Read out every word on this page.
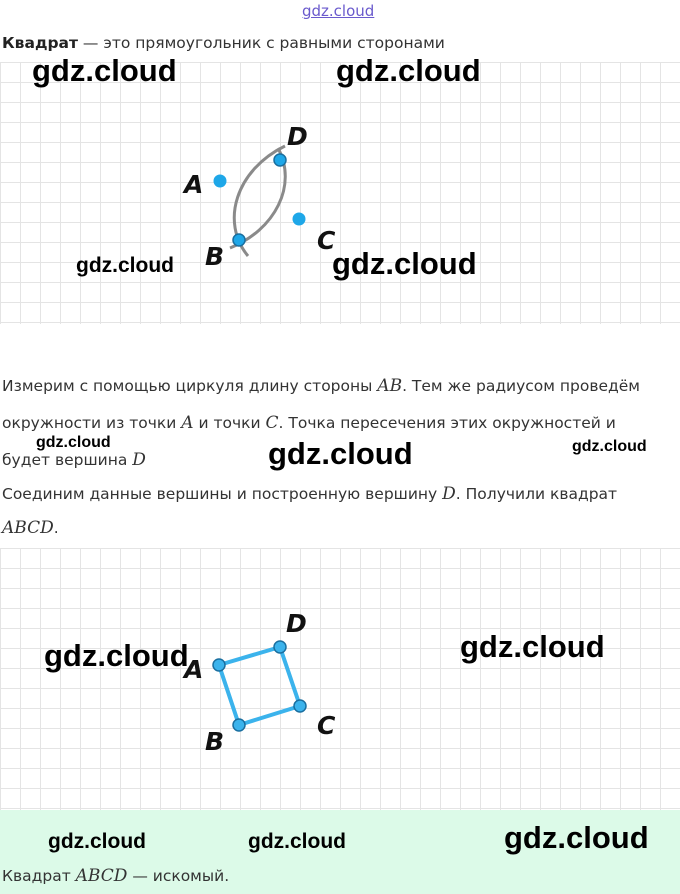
gdz.cloud
Квадрат — это прямоугольник с равными сторонами
A
B
C
D
Измерим с помощью циркуля длину стороны AB. Тем же радиусом проведём
окружности из точки A и точки C. Точка пересечения этих окружностей и
будет вершина D
Соединим данные вершины и построенную вершину D. Получили квадрат
ABCD.
A
B
C
D
Квадрат ABCD — искомый.
gdz.cloud	gdz.cloud
gdz.cloud	gdz.cloud
gdz.cloud	gdz.cloud	gdz.cloud
gdz.cloud	gdz.cloud
gdz.cloud	gdz.cloud	gdz.cloud
